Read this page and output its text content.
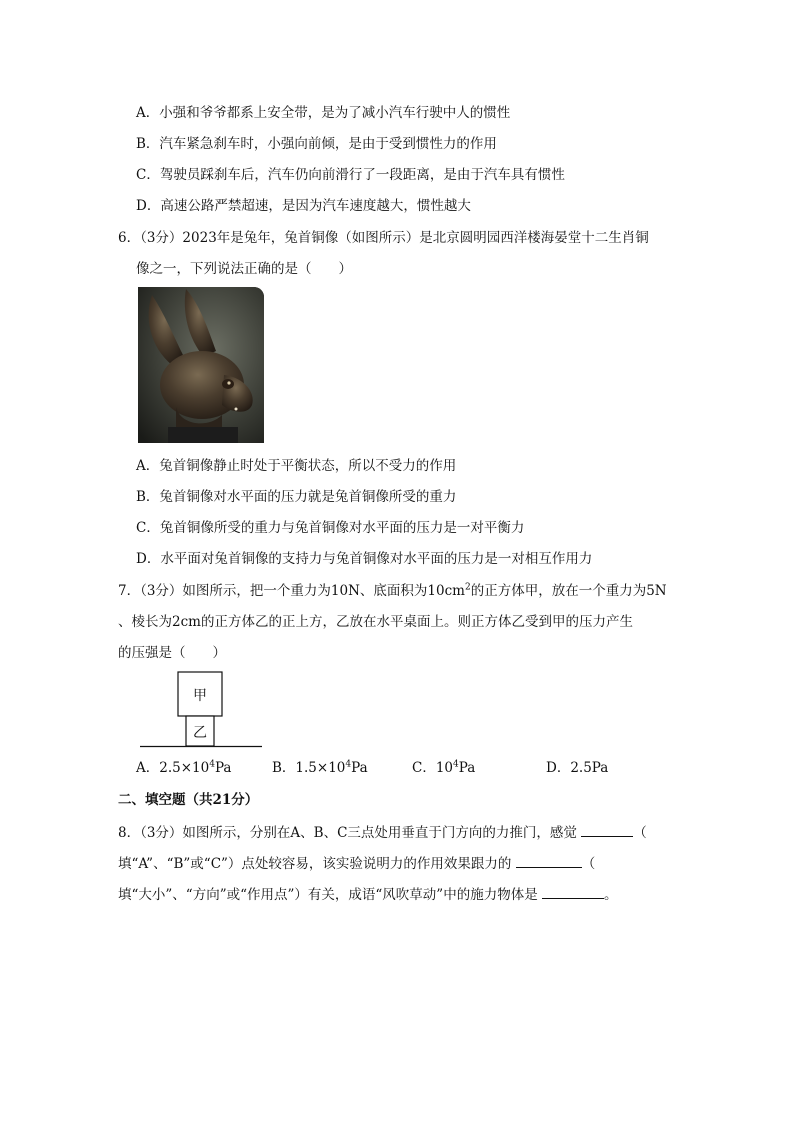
A．小强和爷爷都系上安全带，是为了减小汽车行驶中人的惯性
B．汽车紧急刹车时，小强向前倾，是由于受到惯性力的作用
C．驾驶员踩刹车后，汽车仍向前滑行了一段距离，是由于汽车具有惯性
D．高速公路严禁超速，是因为汽车速度越大，惯性越大
6．（3分）2023年是兔年，兔首铜像（如图所示）是北京圆明园西洋楼海晏堂十二生肖铜
像之一，下列说法正确的是（　　）
A．兔首铜像静止时处于平衡状态，所以不受力的作用
B．兔首铜像对水平面的压力就是兔首铜像所受的重力
C．兔首铜像所受的重力与兔首铜像对水平面的压力是一对平衡力
D．水平面对兔首铜像的支持力与兔首铜像对水平面的压力是一对相互作用力
7．（3分）如图所示，把一个重力为10N、底面积为$10cm^2$的正方体甲，放在一个重力为5N
、棱长为2cm的正方体乙的正上方，乙放在水平桌面上。则正方体乙受到甲的压力产生
的压强是（　　）
甲
乙
A．$2.5\times 10^4Pa$	B．$1.5\times 10^4Pa$	C．$10^4Pa$	D．2.5Pa
二、填空题（共21分）
8．（3分）如图所示，分别在A、B、C三点处用垂直于门方向的力推门，感觉	（
填“A”、“B”或“C”）点处较容易，该实验说明力的作用效果跟力的	（
填“大小”、“方向”或“作用点”）有关，成语“风吹草动”中的施力物体是	。
